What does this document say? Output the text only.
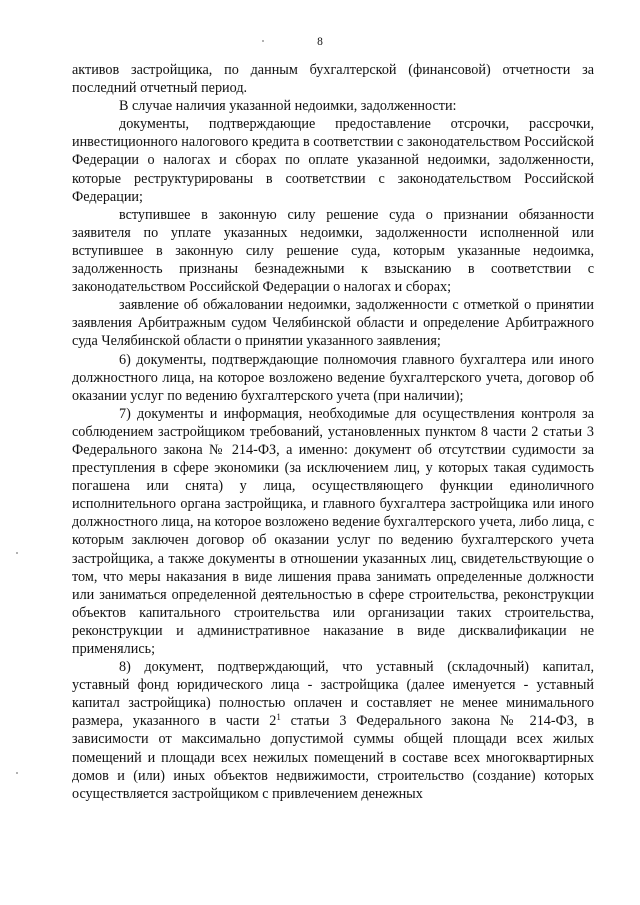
8

активов застройщика, по данным бухгалтерской (финансовой) отчетности за последний отчетный период.

В случае наличия указанной недоимки, задолженности:

документы, подтверждающие предоставление отсрочки, рассрочки, инвестиционного налогового кредита в соответствии с законодательством Российской Федерации о налогах и сборах по оплате указанной недоимки, задолженности, которые реструктурированы в соответствии с законодательством Российской Федерации;

вступившее в законную силу решение суда о признании обязанности заявителя по уплате указанных недоимки, задолженности исполненной или вступившее в законную силу решение суда, которым указанные недоимка, задолженность признаны безнадежными к взысканию в соответствии с законодательством Российской Федерации о налогах и сборах;

заявление об обжаловании недоимки, задолженности с отметкой о принятии заявления Арбитражным судом Челябинской области и определение Арбитражного суда Челябинской области о принятии указанного заявления;

6) документы, подтверждающие полномочия главного бухгалтера или иного должностного лица, на которое возложено ведение бухгалтерского учета, договор об оказании услуг по ведению бухгалтерского учета (при наличии);

7) документы и информация, необходимые для осуществления контроля за соблюдением застройщиком требований, установленных пунктом 8 части 2 статьи 3 Федерального закона № 214-ФЗ, а именно: документ об отсутствии судимости за преступления в сфере экономики (за исключением лиц, у которых такая судимость погашена или снята) у лица, осуществляющего функции единоличного исполнительного органа застройщика, и главного бухгалтера застройщика или иного должностного лица, на которое возложено ведение бухгалтерского учета, либо лица, с которым заключен договор об оказании услуг по ведению бухгалтерского учета застройщика, а также документы в отношении указанных лиц, свидетельствующие о том, что меры наказания в виде лишения права занимать определенные должности или заниматься определенной деятельностью в сфере строительства, реконструкции объектов капитального строительства или организации таких строительства, реконструкции и административное наказание в виде дисквалификации не применялись;

8) документ, подтверждающий, что уставный (складочный) капитал, уставный фонд юридического лица - застройщика (далее именуется - уставный капитал застройщика) полностью оплачен и составляет не менее минимального размера, указанного в части $2^1$ статьи 3 Федерального закона № 214-ФЗ, в зависимости от максимально допустимой суммы общей площади всех жилых помещений и площади всех нежилых помещений в составе всех многоквартирных домов и (или) иных объектов недвижимости, строительство (создание) которых осуществляется застройщиком с привлечением денежных
